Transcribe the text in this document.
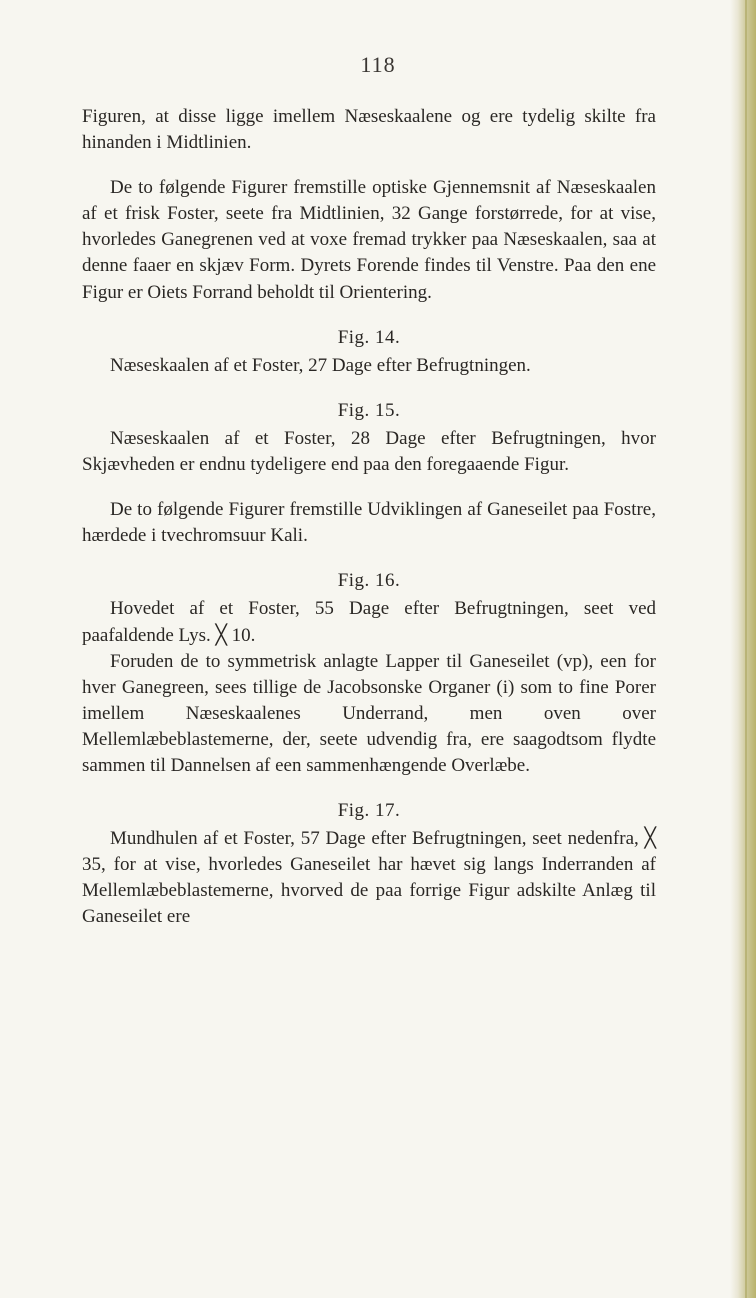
118

Figuren, at disse ligge imellem Næseskaalene og ere tydelig skilte fra hinanden i Midtlinien.

De to følgende Figurer fremstille optiske Gjennemsnit af Næseskaalen af et frisk Foster, seete fra Midtlinien, 32 Gange forstørrede, for at vise, hvorledes Ganegrenen ved at voxe fremad trykker paa Næseskaalen, saa at denne faaer en skjæv Form. Dyrets Forende findes til Venstre. Paa den ene Figur er Oiets Forrand beholdt til Orientering.

Fig. 14.

Næseskaalen af et Foster, 27 Dage efter Befrugtningen.

Fig. 15.

Næseskaalen af et Foster, 28 Dage efter Befrugtningen, hvor Skjævheden er endnu tydeligere end paa den foregaaende Figur.

De to følgende Figurer fremstille Udviklingen af Ganeseilet paa Fostre, hærdede i tvechromsuur Kali.

Fig. 16.

Hovedet af et Foster, 55 Dage efter Befrugtningen, seet ved paafaldende Lys. ╳ 10.

Foruden de to symmetrisk anlagte Lapper til Ganeseilet (vp), een for hver Ganegreen, sees tillige de Jacobsonske Organer (i) som to fine Porer imellem Næseskaalenes Underrand, men oven over Mellemlæbeblastemerne, der, seete udvendig fra, ere saagodtsom flydte sammen til Dannelsen af een sammenhængende Overlæbe.

Fig. 17.

Mundhulen af et Foster, 57 Dage efter Befrugtningen, seet nedenfra, ╳ 35, for at vise, hvorledes Ganeseilet har hævet sig langs Inderranden af Mellemlæbeblastemerne, hvorved de paa forrige Figur adskilte Anlæg til Ganeseilet ere
